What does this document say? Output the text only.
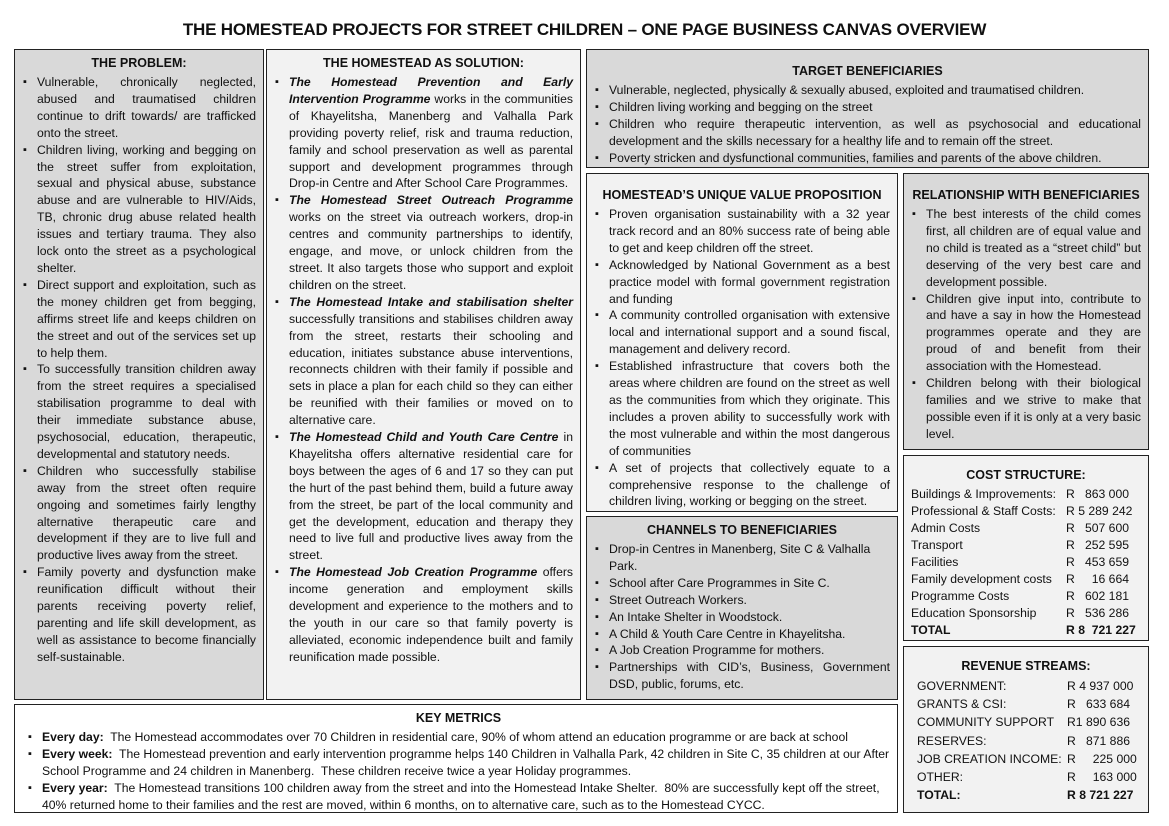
THE HOMESTEAD PROJECTS FOR STREET CHILDREN – ONE PAGE BUSINESS CANVAS OVERVIEW
THE PROBLEM:
▪ Vulnerable, chronically neglected, abused and traumatised children continue to drift towards/ are trafficked onto the street.
▪ Children living, working and begging on the street suffer from exploitation, sexual and physical abuse, substance abuse and are vulnerable to HIV/Aids, TB, chronic drug abuse related health issues and tertiary trauma. They also lock onto the street as a psychological shelter.
▪ Direct support and exploitation, such as the money children get from begging, affirms street life and keeps children on the street and out of the services set up to help them.
▪ To successfully transition children away from the street requires a specialised stabilisation programme to deal with their immediate substance abuse, psychosocial, education, therapeutic, developmental and statutory needs.
▪ Children who successfully stabilise away from the street often require ongoing and sometimes fairly lengthy alternative therapeutic care and development if they are to live full and productive lives away from the street.
▪ Family poverty and dysfunction make reunification difficult without their parents receiving poverty relief, parenting and life skill development, as well as assistance to become financially self-sustainable.
THE HOMESTEAD AS SOLUTION:
▪ The Homestead Prevention and Early Intervention Programme works in the communities of Khayelitsha, Manenberg and Valhalla Park providing poverty relief, risk and trauma reduction, family and school preservation as well as parental support and development programmes through Drop-in Centre and After School Care Programmes.
▪ The Homestead Street Outreach Programme works on the street via outreach workers, drop-in centres and community partnerships to identify, engage, and move, or unlock children from the street. It also targets those who support and exploit children on the street.
▪ The Homestead Intake and stabilisation shelter successfully transitions and stabilises children away from the street, restarts their schooling and education, initiates substance abuse interventions, reconnects children with their family if possible and sets in place a plan for each child so they can either be reunified with their families or moved on to alternative care.
▪ The Homestead Child and Youth Care Centre in Khayelitsha offers alternative residential care for boys between the ages of 6 and 17 so they can put the hurt of the past behind them, build a future away from the street, be part of the local community and get the development, education and therapy they need to live full and productive lives away from the street.
▪ The Homestead Job Creation Programme offers income generation and employment skills development and experience to the mothers and to the youth in our care so that family poverty is alleviated, economic independence built and family reunification made possible.
TARGET BENEFICIARIES
▪ Vulnerable, neglected, physically & sexually abused, exploited and traumatised children.
▪ Children living working and begging on the street
▪ Children who require therapeutic intervention, as well as psychosocial and educational development and the skills necessary for a healthy life and to remain off the street.
▪ Poverty stricken and dysfunctional communities, families and parents of the above children.
HOMESTEAD’S UNIQUE VALUE PROPOSITION
▪ Proven organisation sustainability with a 32 year track record and an 80% success rate of being able to get and keep children off the street.
▪ Acknowledged by National Government as a best practice model with formal government registration and funding
▪ A community controlled organisation with extensive local and international support and a sound fiscal, management and delivery record.
▪ Established infrastructure that covers both the areas where children are found on the street as well as the communities from which they originate. This includes a proven ability to successfully work with the most vulnerable and within the most dangerous of communities
▪ A set of projects that collectively equate to a comprehensive response to the challenge of children living, working or begging on the street.
RELATIONSHIP WITH BENEFICIARIES
▪ The best interests of the child comes first, all children are of equal value and no child is treated as a “street child” but deserving of the very best care and development possible.
▪ Children give input into, contribute to and have a say in how the Homestead programmes operate and they are proud of and benefit from their association with the Homestead.
▪ Children belong with their biological families and we strive to make that possible even if it is only at a very basic level.
CHANNELS TO BENEFICIARIES
▪ Drop-in Centres in Manenberg, Site C & Valhalla Park.
▪ School after Care Programmes in Site C.
▪ Street Outreach Workers.
▪ An Intake Shelter in Woodstock.
▪ A Child & Youth Care Centre in Khayelitsha.
▪ A Job Creation Programme for mothers.
▪ Partnerships with CID’s, Business, Government DSD, public, forums, etc.
COST STRUCTURE:
Buildings & Improvements:	R   863 000
Professional & Staff Costs:	R 5 289 242
Admin Costs	R   507 600
Transport	R   252 595
Facilities	R   453 659
Family development costs	R     16 664
Programme Costs	R   602 181
Education Sponsorship	R   536 286
TOTAL	R 8  721 227
REVENUE STREAMS:
GOVERNMENT:	R 4 937 000
GRANTS & CSI:	R   633 684
COMMUNITY SUPPORT	R1 890 636
RESERVES:	R   871 886
JOB CREATION INCOME:	R     225 000
OTHER:	R     163 000
TOTAL:	R 8 721 227
KEY METRICS
▪ Every day:  The Homestead accommodates over 70 Children in residential care, 90% of whom attend an education programme or are back at school
▪ Every week:  The Homestead prevention and early intervention programme helps 140 Children in Valhalla Park, 42 children in Site C, 35 children at our After School Programme and 24 children in Manenberg.  These children receive twice a year Holiday programmes.
▪ Every year:  The Homestead transitions 100 children away from the street and into the Homestead Intake Shelter.  80% are successfully kept off the street, 40% returned home to their families and the rest are moved, within 6 months, on to alternative care, such as to the Homestead CYCC.
